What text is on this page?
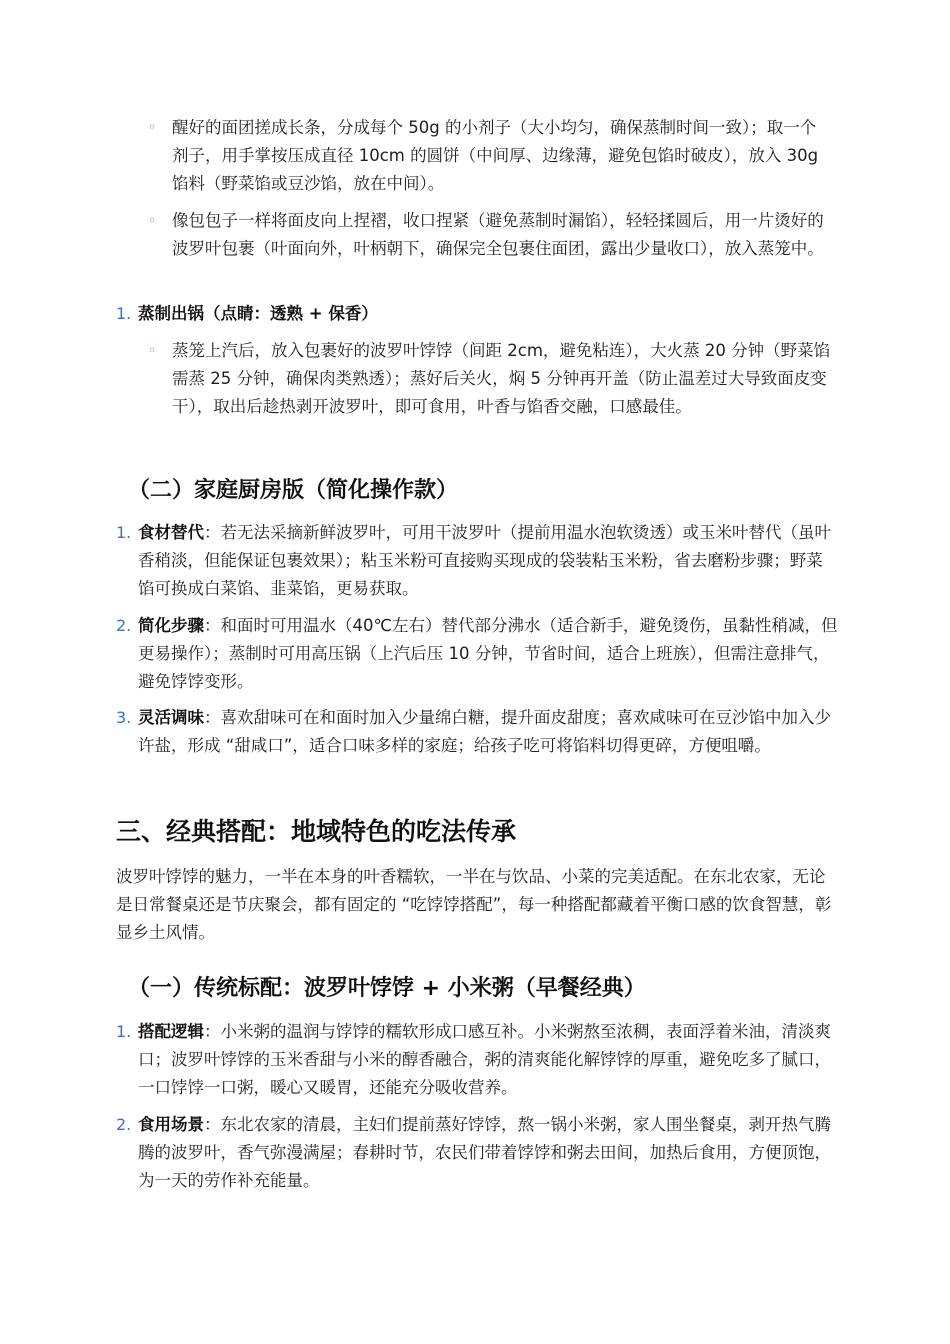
◦ 醒好的面团搓成长条，分成每个 50g 的小剂子（大小均匀，确保蒸制时间一致）；取一个剂子，用手掌按压成直径 10cm 的圆饼（中间厚、边缘薄，避免包馅时破皮），放入 30g 馅料（野菜馅或豆沙馅，放在中间）。
◦ 像包包子一样将面皮向上捏褶，收口捏紧（避免蒸制时漏馅），轻轻揉圆后，用一片烫好的波罗叶包裹（叶面向外，叶柄朝下，确保完全包裹住面团，露出少量收口），放入蒸笼中。
1. 蒸制出锅（点睛：透熟 + 保香）
◦ 蒸笼上汽后，放入包裹好的波罗叶饽饽（间距 2cm，避免粘连），大火蒸 20 分钟（野菜馅需蒸 25 分钟，确保肉类熟透）；蒸好后关火，焖 5 分钟再开盖（防止温差过大导致面皮变干），取出后趁热剥开波罗叶，即可食用，叶香与馅香交融，口感最佳。
（二）家庭厨房版（简化操作款）
1. 食材替代：若无法采摘新鲜波罗叶，可用干波罗叶（提前用温水泡软烫透）或玉米叶替代（虽叶香稍淡，但能保证包裹效果）；粘玉米粉可直接购买现成的袋装粘玉米粉，省去磨粉步骤；野菜馅可换成白菜馅、韭菜馅，更易获取。
2. 简化步骤：和面时可用温水（40℃左右）替代部分沸水（适合新手，避免烫伤，虽黏性稍减，但更易操作）；蒸制时可用高压锅（上汽后压 10 分钟，节省时间，适合上班族），但需注意排气，避免饽饽变形。
3. 灵活调味：喜欢甜味可在和面时加入少量绵白糖，提升面皮甜度；喜欢咸味可在豆沙馅中加入少许盐，形成 “甜咸口”，适合口味多样的家庭；给孩子吃可将馅料切得更碎，方便咀嚼。
三、经典搭配：地域特色的吃法传承
波罗叶饽饽的魅力，一半在本身的叶香糯软，一半在与饮品、小菜的完美适配。在东北农家，无论是日常餐桌还是节庆聚会，都有固定的 “吃饽饽搭配”，每一种搭配都藏着平衡口感的饮食智慧，彰显乡土风情。
（一）传统标配：波罗叶饽饽 + 小米粥（早餐经典）
1. 搭配逻辑：小米粥的温润与饽饽的糯软形成口感互补。小米粥熬至浓稠，表面浮着米油，清淡爽口；波罗叶饽饽的玉米香甜与小米的醇香融合，粥的清爽能化解饽饽的厚重，避免吃多了腻口，一口饽饽一口粥，暖心又暖胃，还能充分吸收营养。
2. 食用场景：东北农家的清晨，主妇们提前蒸好饽饽，熬一锅小米粥，家人围坐餐桌，剥开热气腾腾的波罗叶，香气弥漫满屋；春耕时节，农民们带着饽饽和粥去田间，加热后食用，方便顶饱，为一天的劳作补充能量。
